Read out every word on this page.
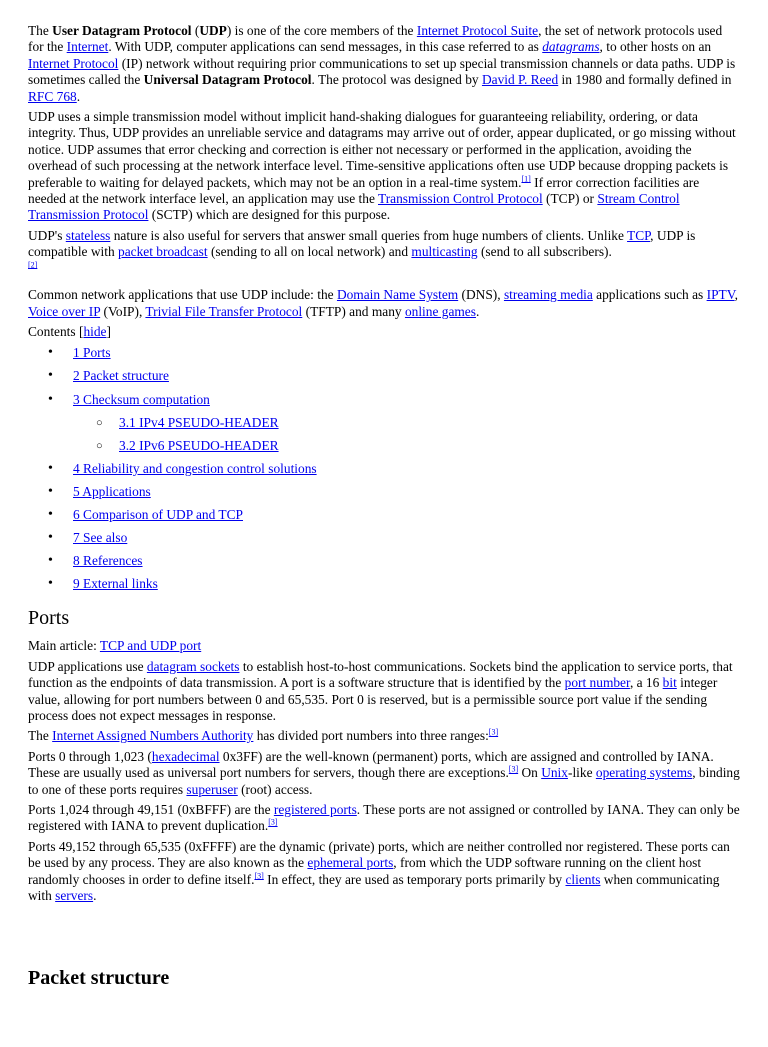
The User Datagram Protocol (UDP) is one of the core members of the Internet Protocol Suite, the set of network protocols used for the Internet. With UDP, computer applications can send messages, in this case referred to as datagrams, to other hosts on an Internet Protocol (IP) network without requiring prior communications to set up special transmission channels or data paths. UDP is sometimes called the Universal Datagram Protocol. The protocol was designed by David P. Reed in 1980 and formally defined in RFC 768.

UDP uses a simple transmission model without implicit hand-shaking dialogues for guaranteeing reliability, ordering, or data integrity. Thus, UDP provides an unreliable service and datagrams may arrive out of order, appear duplicated, or go missing without notice. UDP assumes that error checking and correction is either not necessary or performed in the application, avoiding the overhead of such processing at the network interface level. Time-sensitive applications often use UDP because dropping packets is preferable to waiting for delayed packets, which may not be an option in a real-time system.[1] If error correction facilities are needed at the network interface level, an application may use the Transmission Control Protocol (TCP) or Stream Control Transmission Protocol (SCTP) which are designed for this purpose.

UDP's stateless nature is also useful for servers that answer small queries from huge numbers of clients. Unlike TCP, UDP is compatible with packet broadcast (sending to all on local network) and multicasting (send to all subscribers).
[2]

Common network applications that use UDP include: the Domain Name System (DNS), streaming media applications such as IPTV, Voice over IP (VoIP), Trivial File Transfer Protocol (TFTP) and many online games.

Contents [hide]
• 1 Ports
• 2 Packet structure
• 3 Checksum computation
○ 3.1 IPv4 PSEUDO-HEADER
○ 3.2 IPv6 PSEUDO-HEADER
• 4 Reliability and congestion control solutions
• 5 Applications
• 6 Comparison of UDP and TCP
• 7 See also
• 8 References
• 9 External links
Ports

Main article: TCP and UDP port

UDP applications use datagram sockets to establish host-to-host communications. Sockets bind the application to service ports, that function as the endpoints of data transmission. A port is a software structure that is identified by the port number, a 16 bit integer value, allowing for port numbers between 0 and 65,535. Port 0 is reserved, but is a permissible source port value if the sending process does not expect messages in response.

The Internet Assigned Numbers Authority has divided port numbers into three ranges:[3]

Ports 0 through 1,023 (hexadecimal 0x3FF) are the well-known (permanent) ports, which are assigned and controlled by IANA. These are usually used as universal port numbers for servers, though there are exceptions.[3] On Unix-like operating systems, binding to one of these ports requires superuser (root) access.

Ports 1,024 through 49,151 (0xBFFF) are the registered ports. These ports are not assigned or controlled by IANA. They can only be registered with IANA to prevent duplication.[3]

Ports 49,152 through 65,535 (0xFFFF) are the dynamic (private) ports, which are neither controlled nor registered. These ports can be used by any process. They are also known as the ephemeral ports, from which the UDP software running on the client host randomly chooses in order to define itself.[3] In effect, they are used as temporary ports primarily by clients when communicating with servers.

Packet structure
